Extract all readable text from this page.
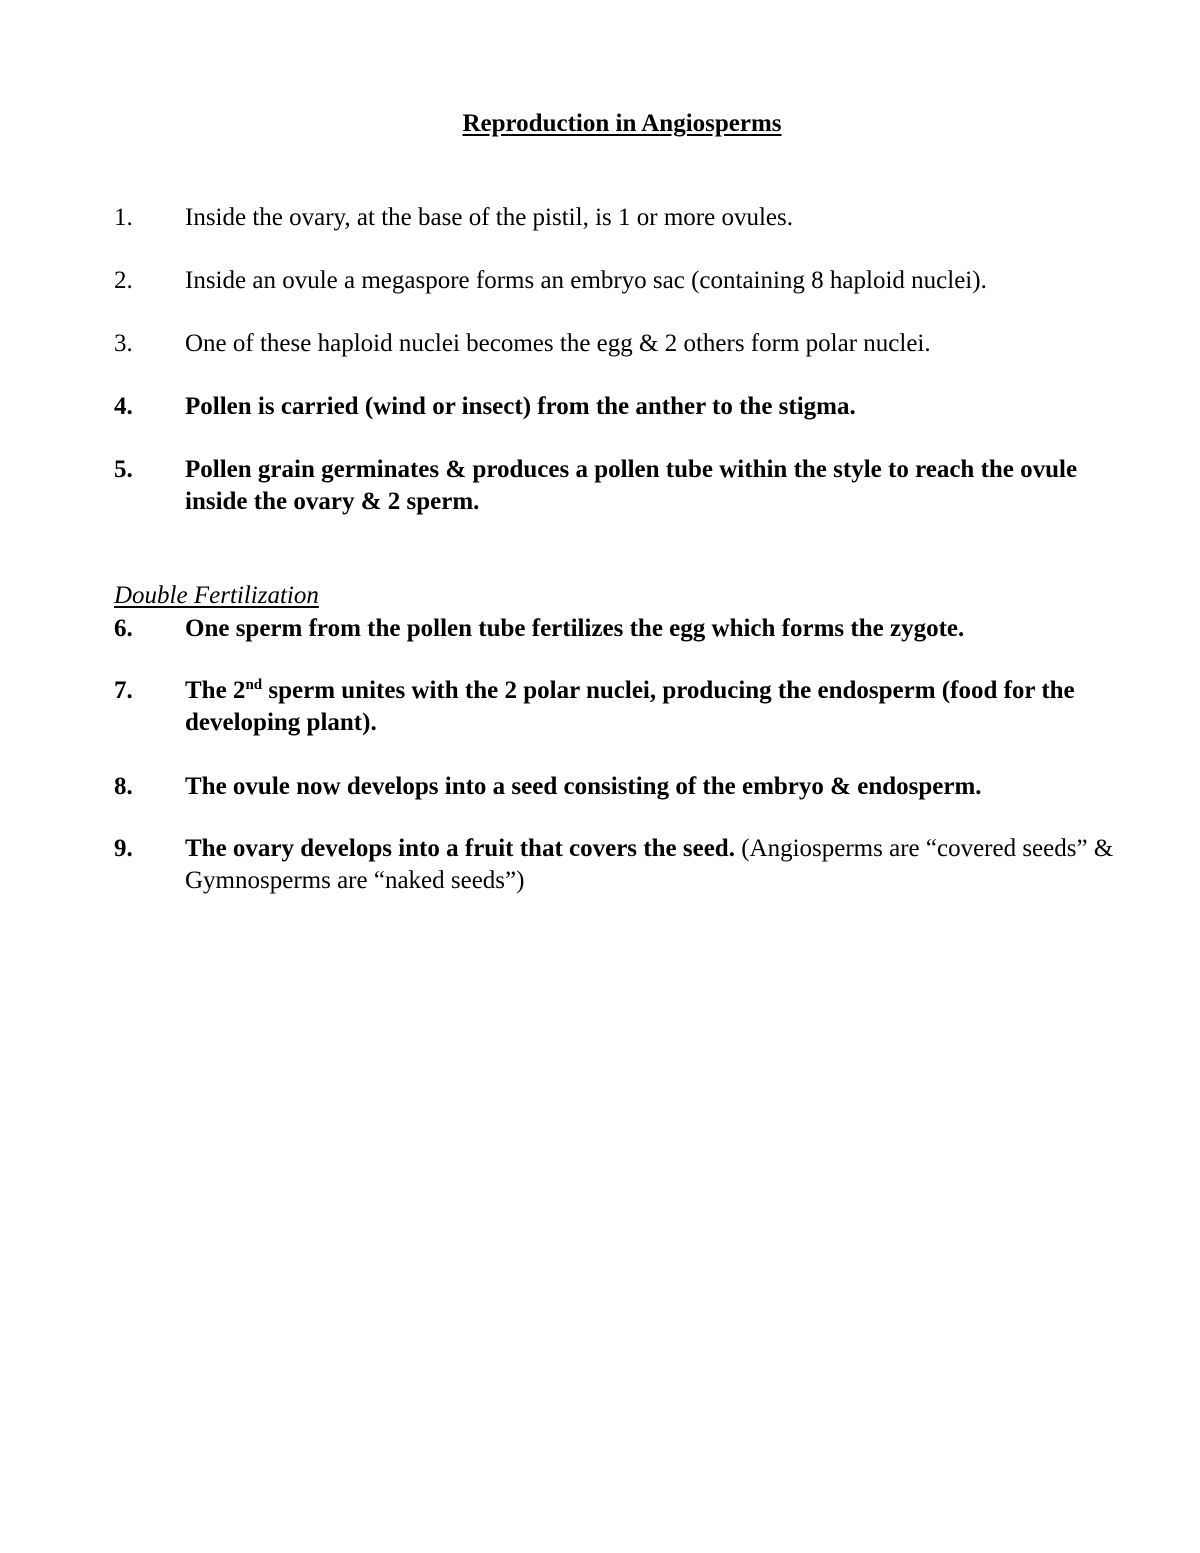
Reproduction in Angiosperms
1.	Inside the ovary, at the base of the pistil, is 1 or more ovules.
2.	Inside an ovule a megaspore forms an embryo sac (containing 8 haploid nuclei).
3.	One of these haploid nuclei becomes the egg & 2 others form polar nuclei.
4.	Pollen is carried (wind or insect) from the anther to the stigma.
5.	Pollen grain germinates & produces a pollen tube within the style to reach the ovule inside the ovary & 2 sperm.
Double Fertilization
6.	One sperm from the pollen tube fertilizes the egg which forms the zygote.
7.	The 2nd sperm unites with the 2 polar nuclei, producing the endosperm (food for the developing plant).
8.	The ovule now develops into a seed consisting of the embryo & endosperm.
9.	The ovary develops into a fruit that covers the seed. (Angiosperms are “covered seeds” & Gymnosperms are “naked seeds”)
